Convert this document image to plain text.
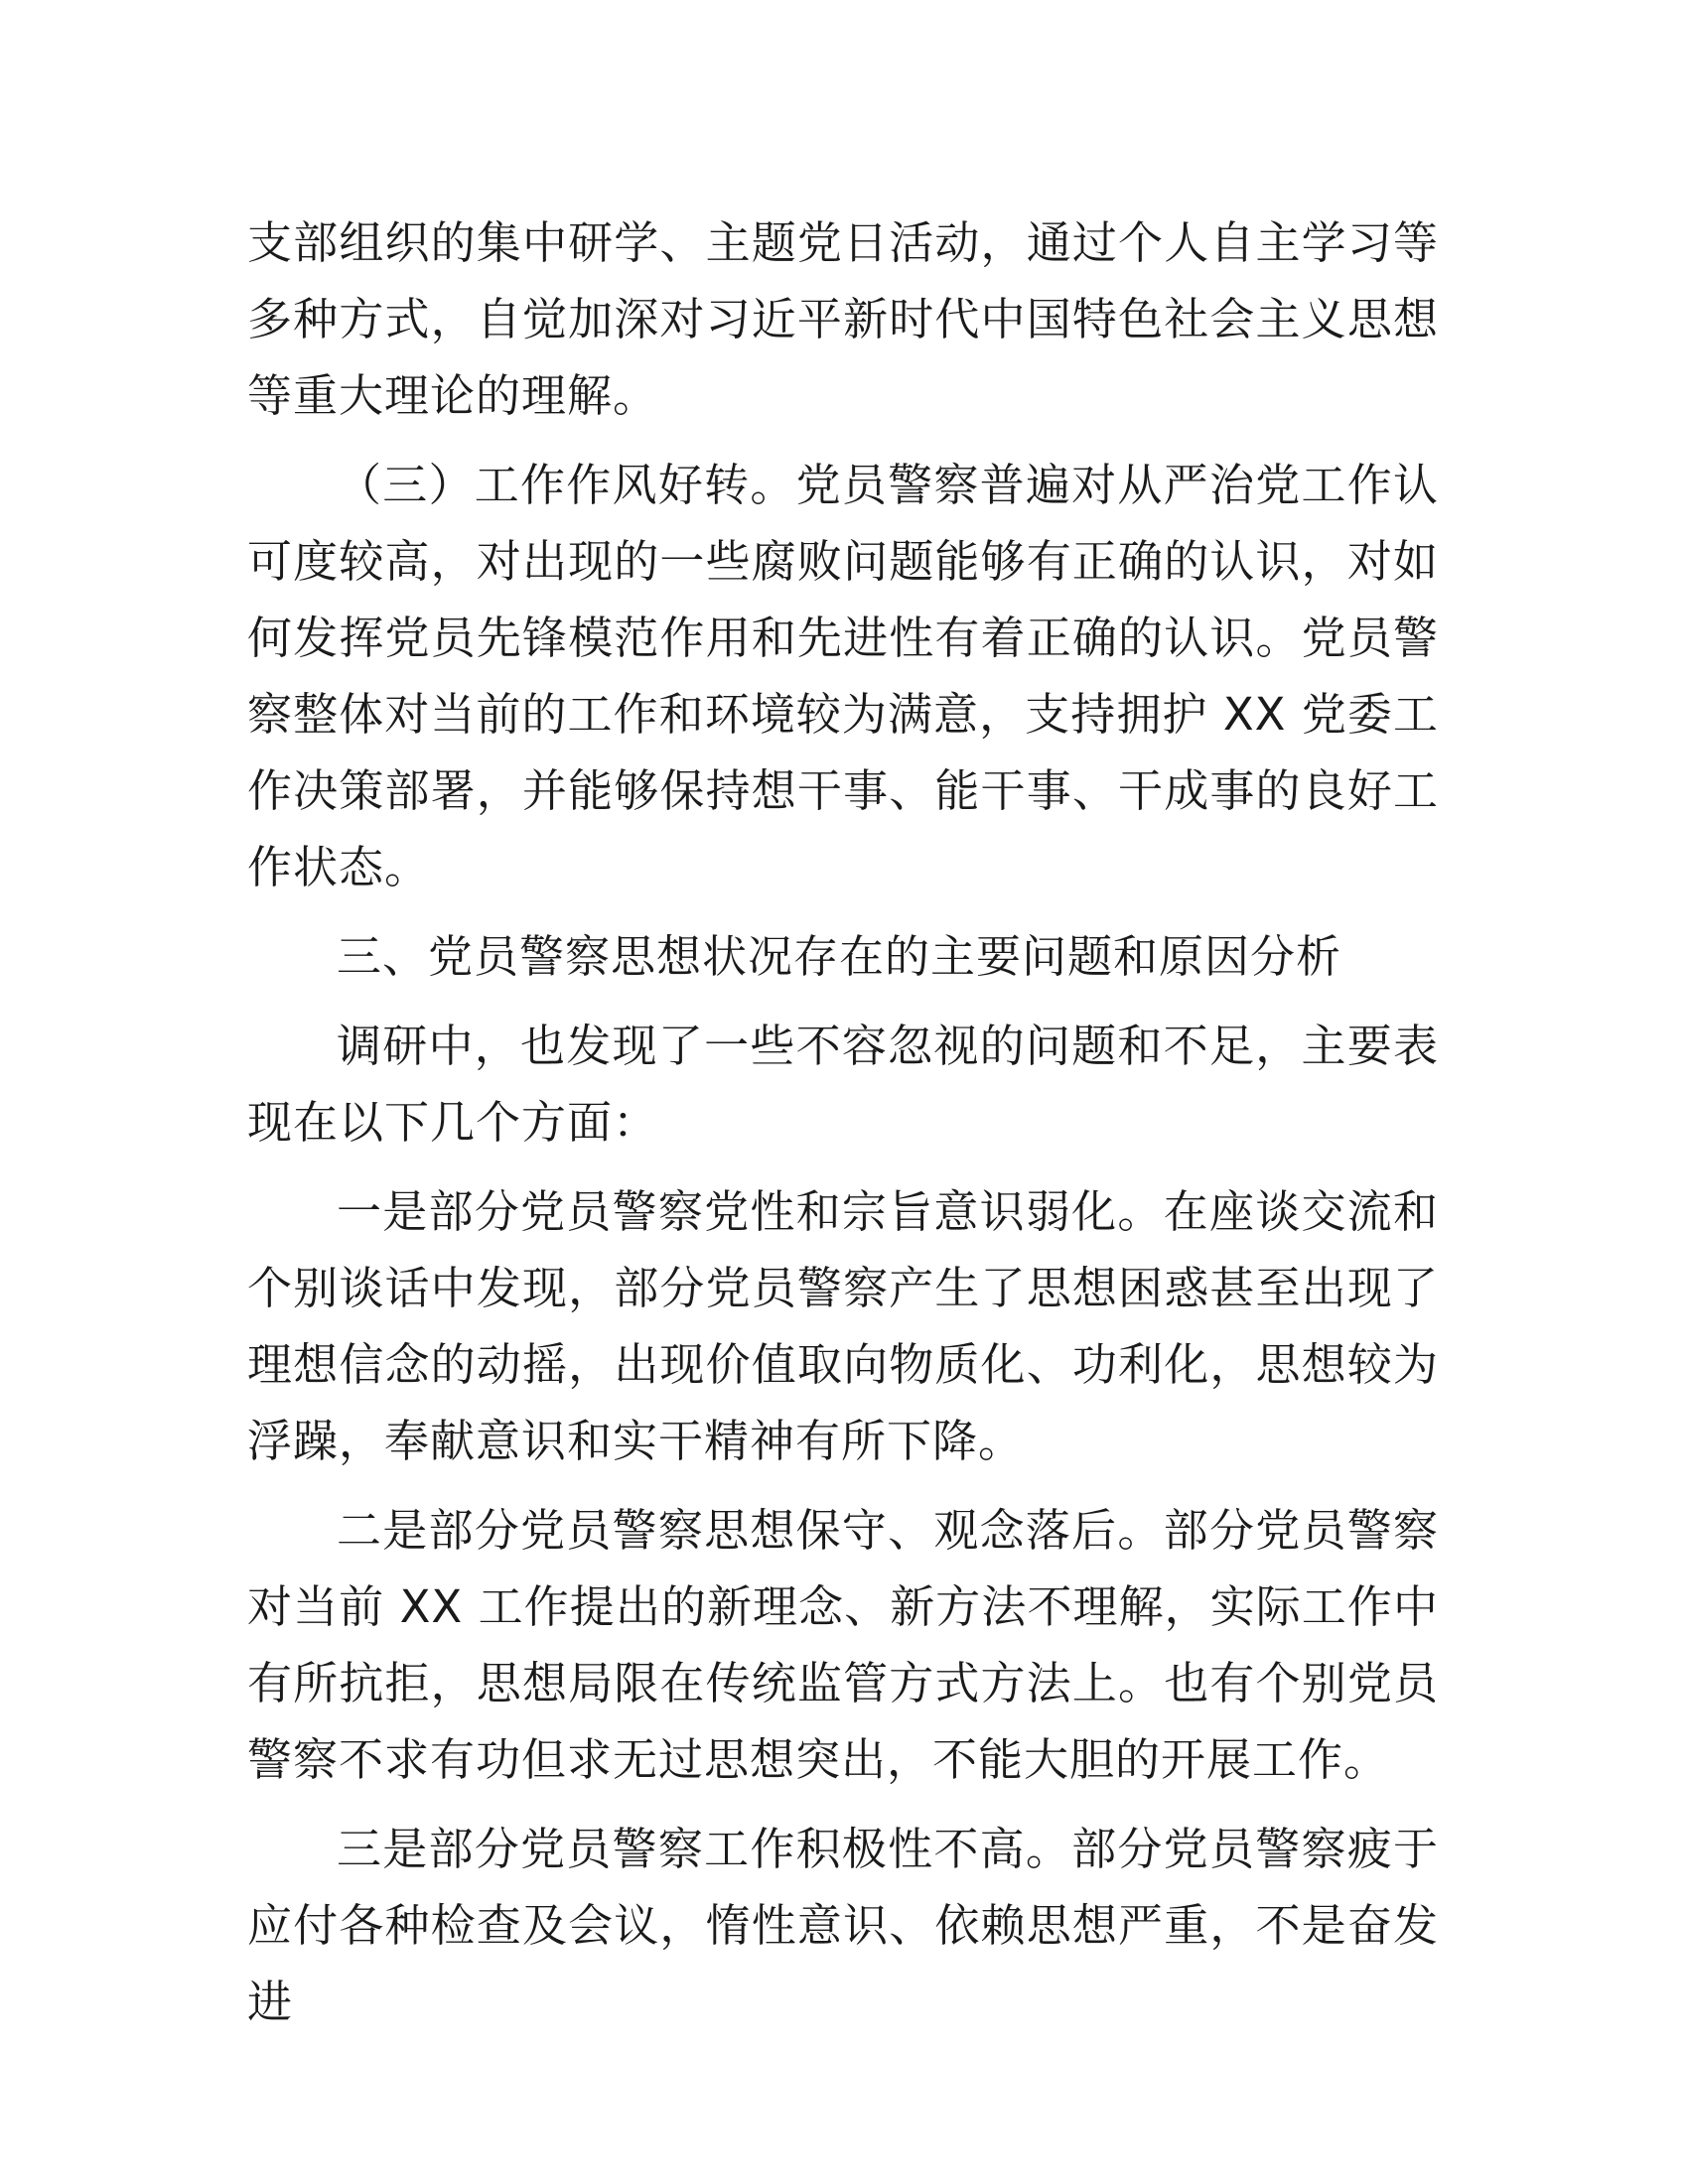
支部组织的集中研学、主题党日活动，通过个人自主学习等多种方式，自觉加深对习近平新时代中国特色社会主义思想等重大理论的理解。

（三）工作作风好转。党员警察普遍对从严治党工作认可度较高，对出现的一些腐败问题能够有正确的认识，对如何发挥党员先锋模范作用和先进性有着正确的认识。党员警察整体对当前的工作和环境较为满意，支持拥护 XX 党委工作决策部署，并能够保持想干事、能干事、干成事的良好工作状态。

三、党员警察思想状况存在的主要问题和原因分析

调研中，也发现了一些不容忽视的问题和不足，主要表现在以下几个方面：

一是部分党员警察党性和宗旨意识弱化。在座谈交流和个别谈话中发现，部分党员警察产生了思想困惑甚至出现了理想信念的动摇，出现价值取向物质化、功利化，思想较为浮躁，奉献意识和实干精神有所下降。

二是部分党员警察思想保守、观念落后。部分党员警察对当前 XX 工作提出的新理念、新方法不理解，实际工作中有所抗拒，思想局限在传统监管方式方法上。也有个别党员警察不求有功但求无过思想突出，不能大胆的开展工作。

三是部分党员警察工作积极性不高。部分党员警察疲于应付各种检查及会议，惰性意识、依赖思想严重，不是奋发进
